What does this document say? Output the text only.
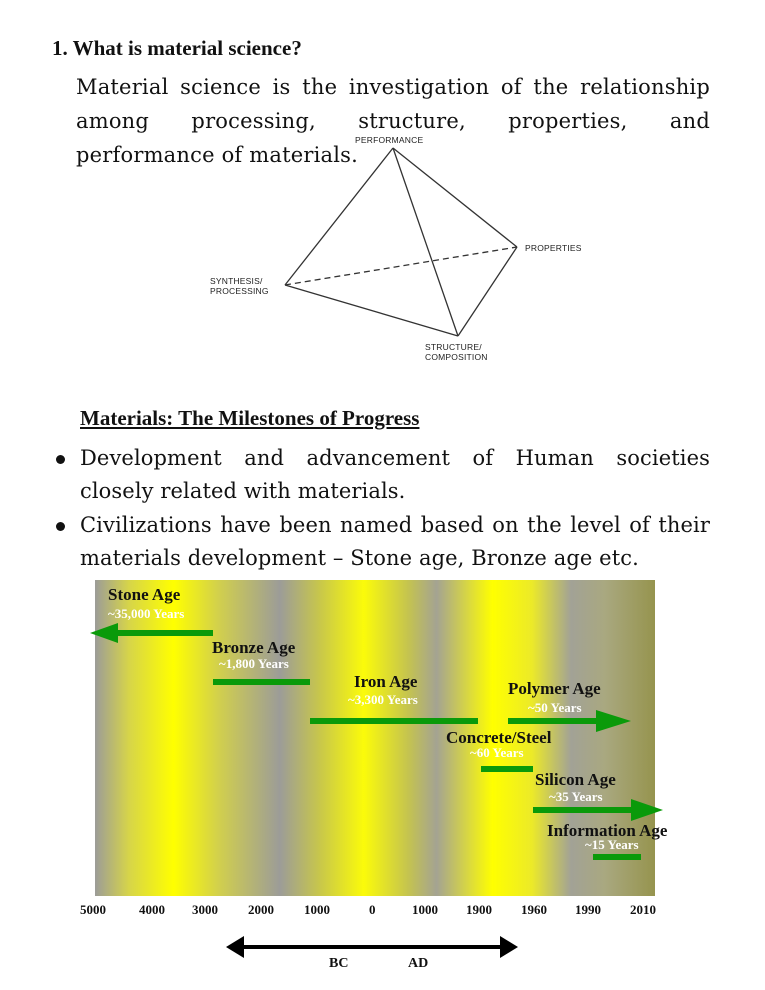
1. What is material science?
Material science is the investigation of the relationship among processing, structure, properties, and performance of materials.
PERFORMANCE
PROPERTIES
SYNTHESIS/
PROCESSING
STRUCTURE/
COMPOSITION
Materials: The Milestones of Progress
Development and advancement of Human societies closely related with materials.
Civilizations have been named based on the level of their materials development – Stone age, Bronze age etc.
Stone Age
~35,000 Years
Bronze Age
~1,800 Years
Iron Age
~3,300 Years
Polymer Age
~50 Years
Concrete/Steel
~60 Years
Silicon Age
~35 Years
Information Age
~15 Years
5000	4000 3000 2000 1000	0	1000 1900 1960 1990 2010
BC	AD
